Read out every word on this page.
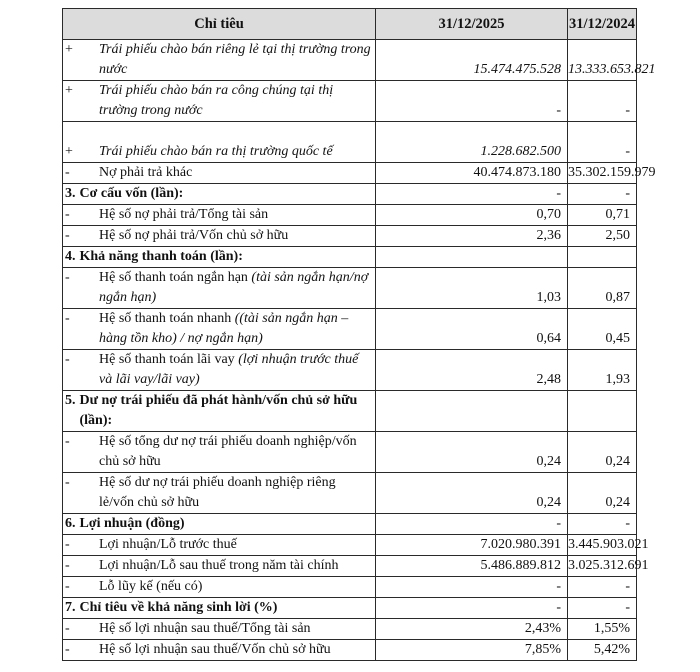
Chỉ tiêu	31/12/2025	31/12/2024

+ Trái phiếu chào bán riêng lẻ tại thị trường trong nước	15.474.475.528	13.333.653.821

+ Trái phiếu chào bán ra công chúng tại thị trường trong nước	-	-

+ Trái phiếu chào bán ra thị trường quốc tế	1.228.682.500	-

- Nợ phải trả khác	40.474.873.180	35.302.159.979

3. Cơ cấu vốn (lần):	-	-

- Hệ số nợ phải trả/Tổng tài sản	0,70	0,71

- Hệ số nợ phải trả/Vốn chủ sở hữu	2,36	2,50

4. Khả năng thanh toán (lần):		

- Hệ số thanh toán ngắn hạn (tài sản ngắn hạn/nợ ngắn hạn)	1,03	0,87

- Hệ số thanh toán nhanh ((tài sản ngắn hạn – hàng tồn kho) / nợ ngắn hạn)	0,64	0,45

- Hệ số thanh toán lãi vay (lợi nhuận trước thuế và lãi vay/lãi vay)	2,48	1,93

5. Dư nợ trái phiếu đã phát hành/vốn chủ sở hữu (lần):		

- Hệ số tổng dư nợ trái phiếu doanh nghiệp/vốn chủ sở hữu	0,24	0,24

- Hệ số dư nợ trái phiếu doanh nghiệp riêng lẻ/vốn chủ sở hữu	0,24	0,24

6. Lợi nhuận (đồng)	-	-

- Lợi nhuận/Lỗ trước thuế	7.020.980.391	3.445.903.021

- Lợi nhuận/Lỗ sau thuế trong năm tài chính	5.486.889.812	3.025.312.691

- Lỗ lũy kế (nếu có)	-	-

7. Chỉ tiêu về khả năng sinh lời (%)	-	-

- Hệ số lợi nhuận sau thuế/Tổng tài sản	2,43%	1,55%

- Hệ số lợi nhuận sau thuế/Vốn chủ sở hữu	7,85%	5,42%
